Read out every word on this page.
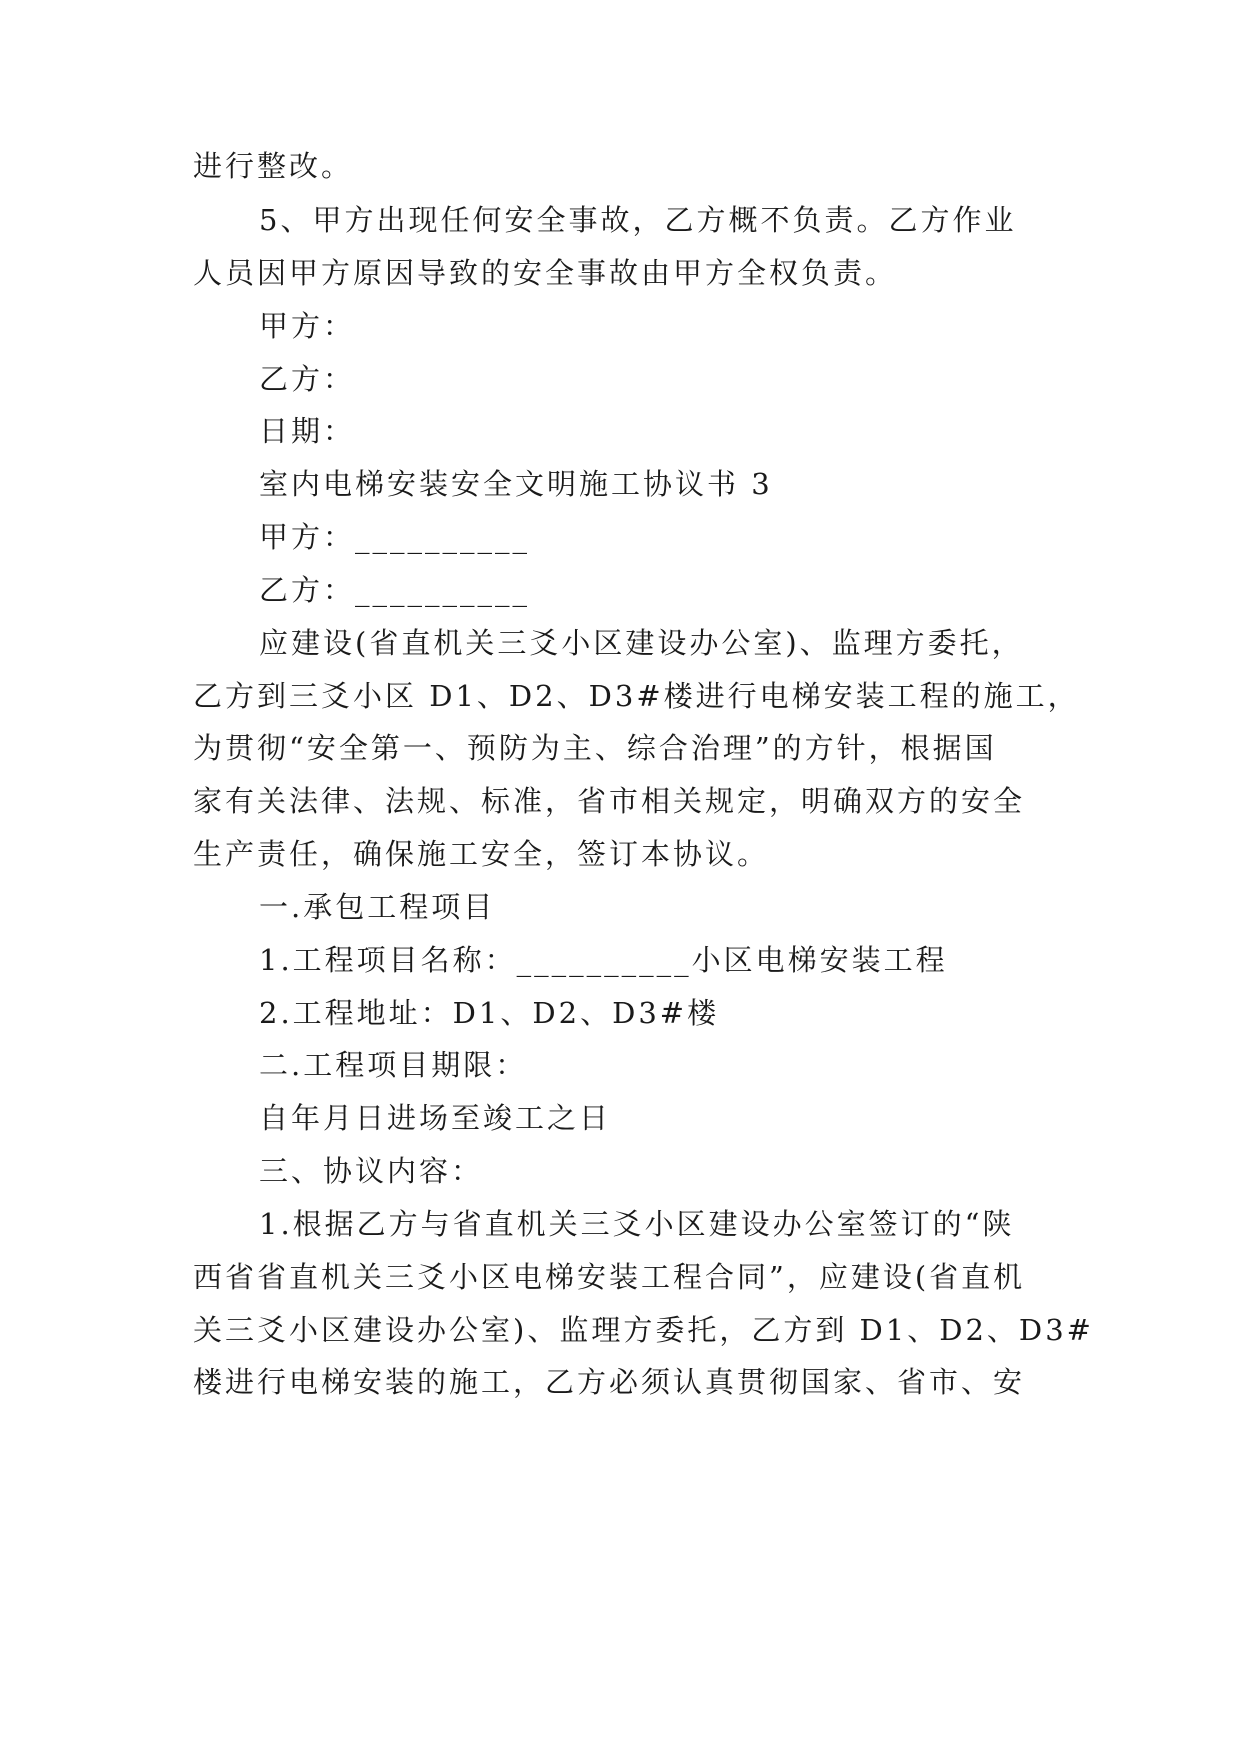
进行整改。
5、甲方出现任何安全事故，乙方概不负责。乙方作业
人员因甲方原因导致的安全事故由甲方全权负责。
甲方：
乙方：
日期：
室内电梯安装安全文明施工协议书 3
甲方：__________
乙方：__________
应建设(省直机关三爻小区建设办公室)、监理方委托，
乙方到三爻小区 D1、D2、D3#楼进行电梯安装工程的施工，
为贯彻“安全第一、预防为主、综合治理”的方针，根据国
家有关法律、法规、标准，省市相关规定，明确双方的安全
生产责任，确保施工安全，签订本协议。
一.承包工程项目
1.工程项目名称：__________小区电梯安装工程
2.工程地址：D1、D2、D3#楼
二.工程项目期限：
自年月日进场至竣工之日
三、协议内容：
1.根据乙方与省直机关三爻小区建设办公室签订的“陕
西省省直机关三爻小区电梯安装工程合同”，应建设(省直机
关三爻小区建设办公室)、监理方委托，乙方到 D1、D2、D3#
楼进行电梯安装的施工，乙方必须认真贯彻国家、省市、安
